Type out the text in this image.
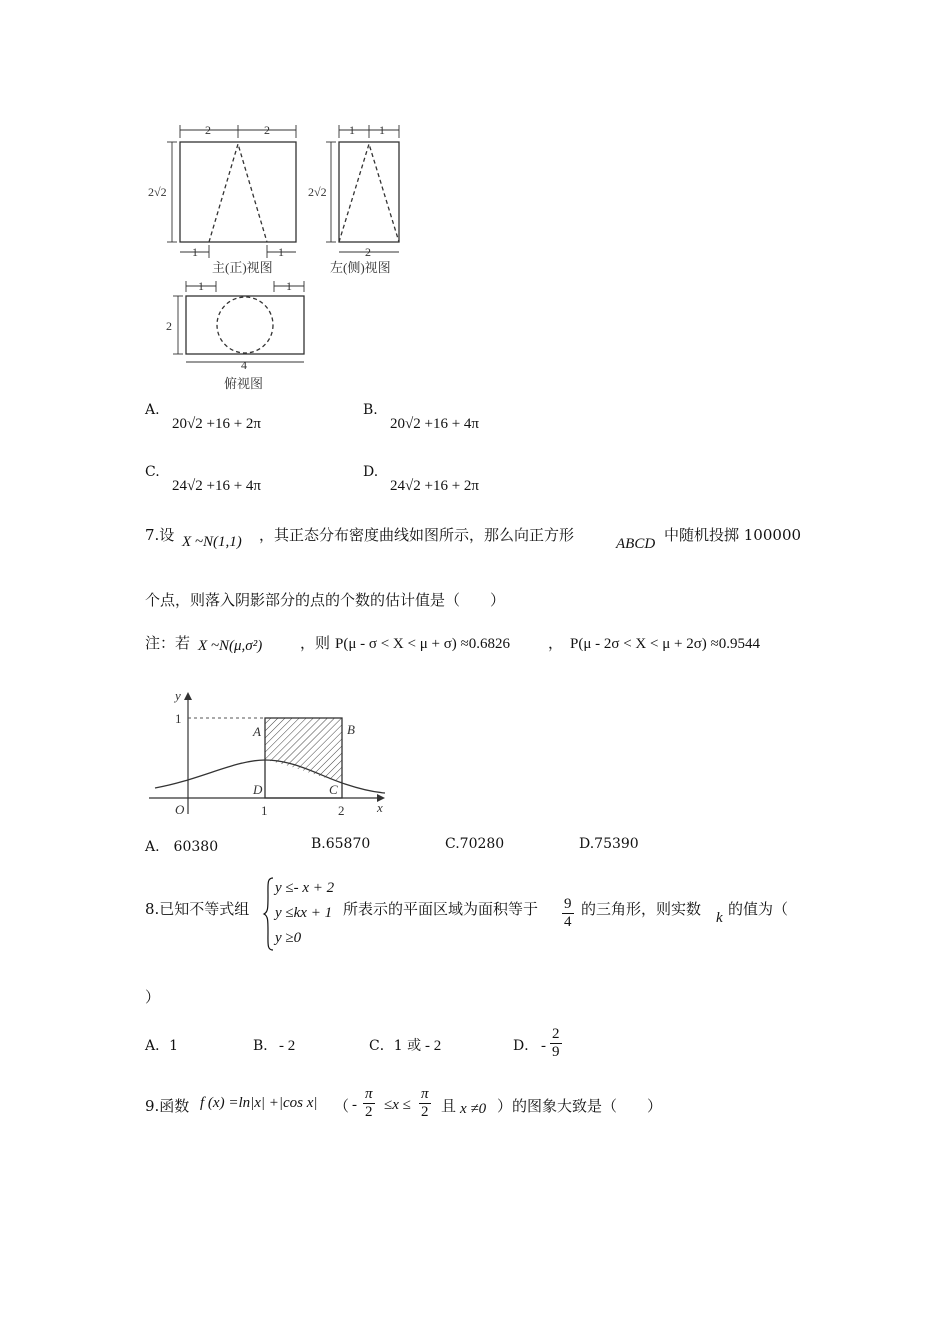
2	2
2√2
1	1
主(正)视图
1 1
2√2
2
左(侧)视图
1	1
2
4
俯视图
A.
20√2 +16 + 2π
B.
20√2 +16 + 4π
C.
24√2 +16 + 4π
D.
24√2 +16 + 2π
7.设 X ~N(1,1) ，其正态分布密度曲线如图所示，那么向正方形	ABCD 中随机投掷 100000
个点，则落入阴影部分的点的个数的估计值是（　　）
注：若 X ~N(μ,σ²)	，则 P(μ - σ < X < μ + σ) ≈0.6826	， P(μ - 2σ < X < μ + 2σ) ≈0.9544
y
x
O
A	B
C
D
1
1	2
A.　60380	B.65870	C.70280	D.75390
8.已知不等式组
y ≤- x + 2
y ≤kx + 1
y ≥0
所表示的平面区域为面积等于 $\frac{9}{4}$ 的三角形，则实数 k 的值为（
）
A．1	B． - 2	C．1 或 - 2	D． - $\frac{2}{9}$
9.函数 f (x) =ln|x| +|cos x| （ - $\frac{\pi}{2} \le x \le \frac{\pi}{2}$ 且 x ≠0 ）的图象大致是（　　）
